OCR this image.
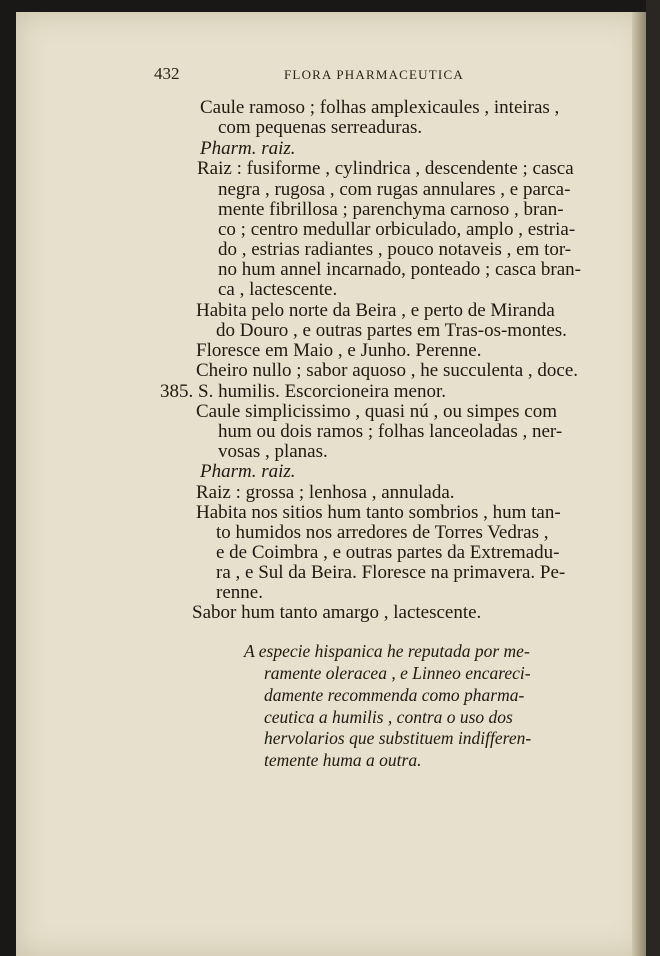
432	FLORA PHARMACEUTICA
Caule ramoso ; folhas amplexicaules , inteiras ,
com pequenas serreaduras.
Pharm. raiz.
Raiz : fusiforme , cylindrica , descendente ; casca
negra , rugosa , com rugas annulares , e parca-
mente fibrillosa ; parenchyma carnoso , bran-
co ; centro medullar orbiculado, amplo , estria-
do , estrias radiantes , pouco notaveis , em tor-
no hum annel incarnado, ponteado ; casca bran-
ca , lactescente.
Habita pelo norte da Beira , e perto de Miranda
do Douro , e outras partes em Tras-os-montes.
Floresce em Maio , e Junho. Perenne.
Cheiro nullo ; sabor aquoso , he succulenta , doce.
385. S. humilis. Escorcioneira menor.
Caule simplicissimo , quasi nú , ou simpes com
hum ou dois ramos ; folhas lanceoladas , ner-
vosas , planas.
Pharm. raiz.
Raiz : grossa ; lenhosa , annulada.
Habita nos sitios hum tanto sombrios , hum tan-
to humidos nos arredores de Torres Vedras ,
e de Coimbra , e outras partes da Extremadu-
ra , e Sul da Beira. Floresce na primavera. Pe-
renne.
Sabor hum tanto amargo , lactescente.
A especie hispanica he reputada por me-
ramente oleracea , e Linneo encareci-
damente recommenda como pharma-
ceutica a humilis , contra o uso dos
hervolarios que substituem indifferen-
temente huma a outra.
